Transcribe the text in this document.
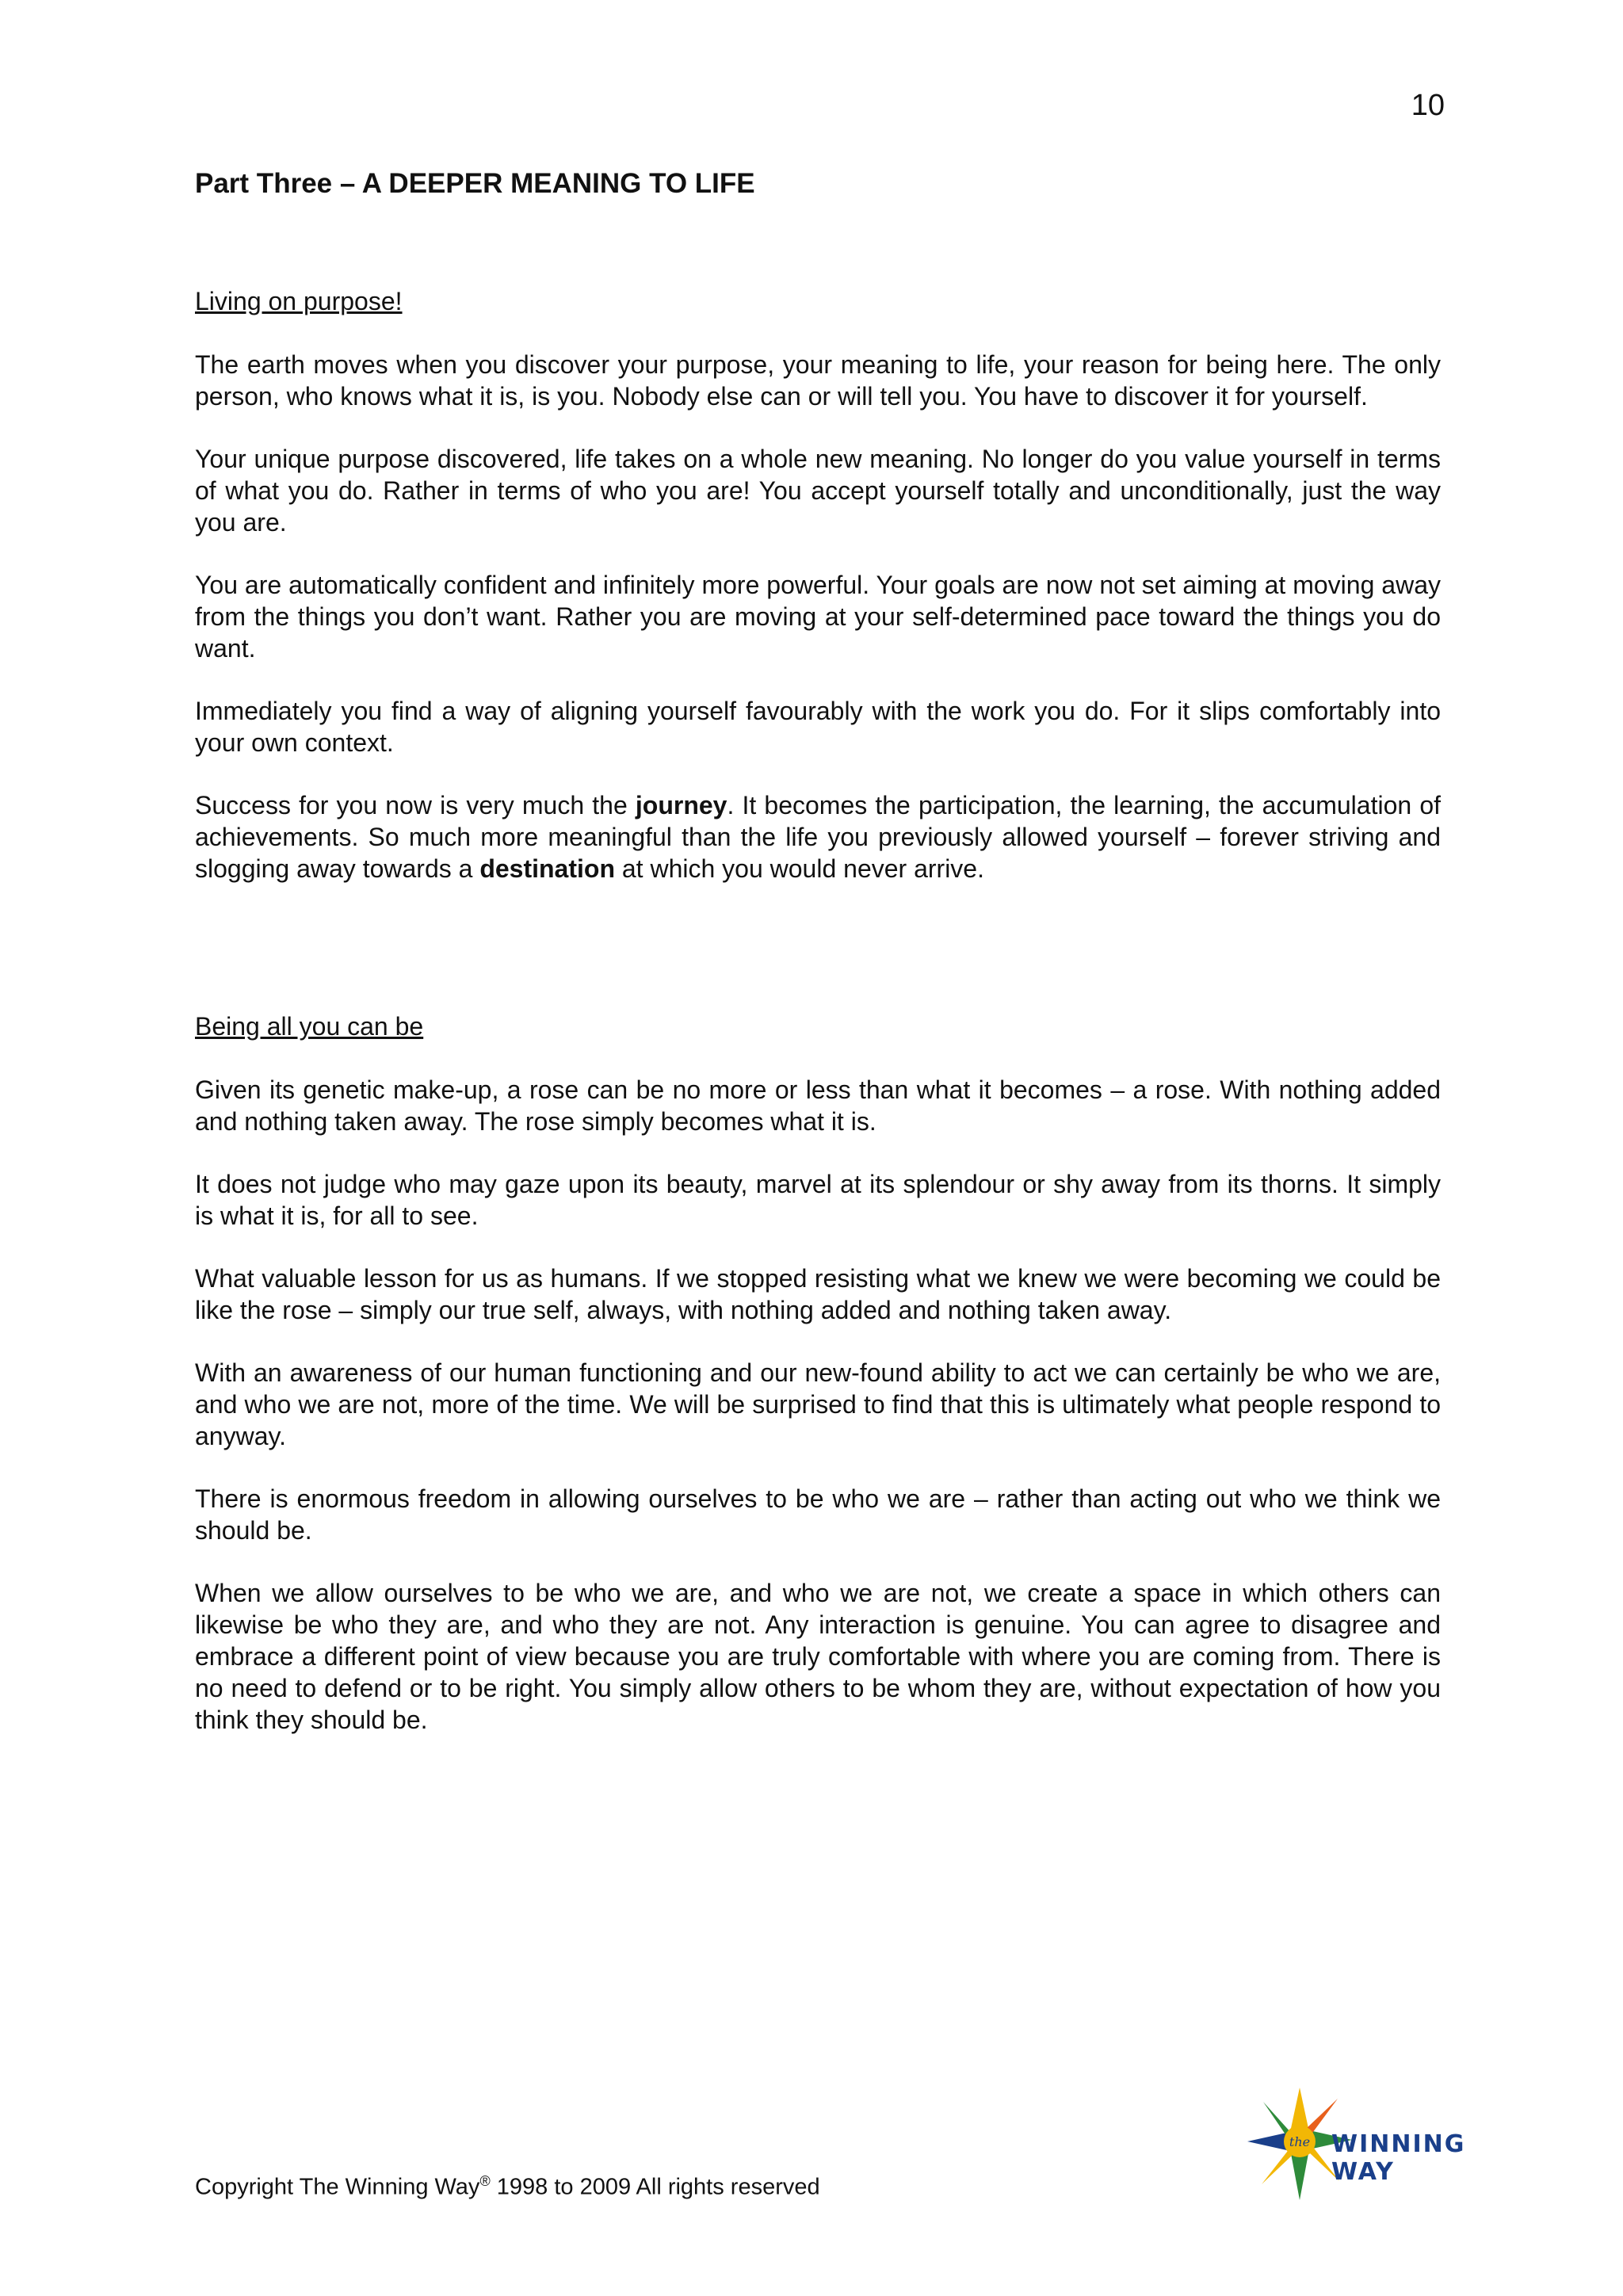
10
Part Three – A DEEPER MEANING TO LIFE
Living on purpose!

The earth moves when you discover your purpose, your meaning to life, your reason for being here. The only person, who knows what it is, is you. Nobody else can or will tell you. You have to discover it for yourself.

Your unique purpose discovered, life takes on a whole new meaning. No longer do you value yourself in terms of what you do. Rather in terms of who you are! You accept yourself totally and unconditionally, just the way you are.

You are automatically confident and infinitely more powerful. Your goals are now not set aiming at moving away from the things you don’t want. Rather you are moving at your self-determined pace toward the things you do want.

Immediately you find a way of aligning yourself favourably with the work you do. For it slips comfortably into your own context.

Success for you now is very much the journey. It becomes the participation, the learning, the accumulation of achievements. So much more meaningful than the life you previously allowed yourself – forever striving and slogging away towards a destination at which you would never arrive.

Being all you can be

Given its genetic make-up, a rose can be no more or less than what it becomes – a rose. With nothing added and nothing taken away. The rose simply becomes what it is.

It does not judge who may gaze upon its beauty, marvel at its splendour or shy away from its thorns. It simply is what it is, for all to see.

What valuable lesson for us as humans. If we stopped resisting what we knew we were becoming we could be like the rose – simply our true self, always, with nothing added and nothing taken away.

With an awareness of our human functioning and our new-found ability to act we can certainly be who we are, and who we are not, more of the time. We will be surprised to find that this is ultimately what people respond to anyway.

There is enormous freedom in allowing ourselves to be who we are – rather than acting out who we think we should be.

When we allow ourselves to be who we are, and who we are not, we create a space in which others can likewise be who they are, and who they are not. Any interaction is genuine. You can agree to disagree and embrace a different point of view because you are truly comfortable with where you are coming from. There is no need to defend or to be right. You simply allow others to be whom they are, without expectation of how you think they should be.

Copyright The Winning Way® 1998 to 2009 All rights reserved
the WINNING WAY
